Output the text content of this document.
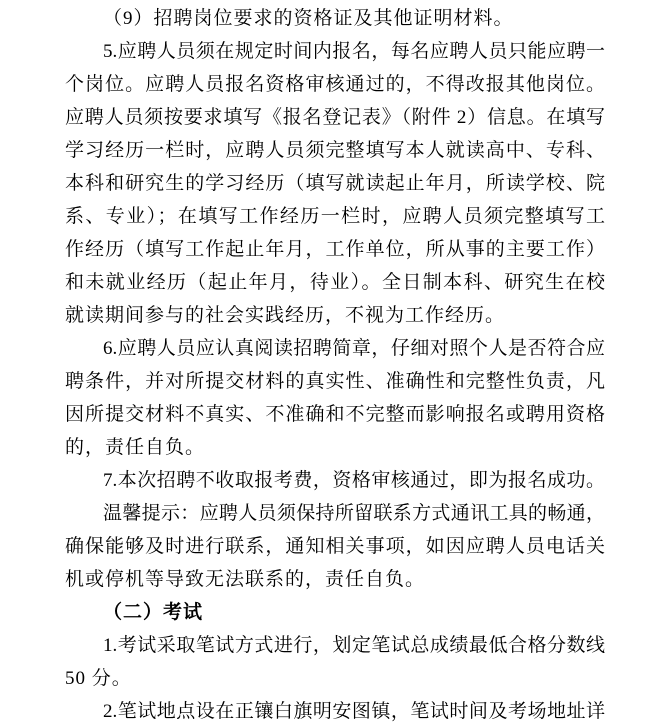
（9）招聘岗位要求的资格证及其他证明材料。
5.应聘人员须在规定时间内报名，每名应聘人员只能应聘一
个岗位。应聘人员报名资格审核通过的，不得改报其他岗位。
应聘人员须按要求填写《报名登记表》（附件 2）信息。在填写
学习经历一栏时，应聘人员须完整填写本人就读高中、专科、
本科和研究生的学习经历（填写就读起止年月，所读学校、院
系、专业）；在填写工作经历一栏时，应聘人员须完整填写工
作经历（填写工作起止年月，工作单位，所从事的主要工作）
和未就业经历（起止年月，待业）。全日制本科、研究生在校
就读期间参与的社会实践经历，不视为工作经历。
6.应聘人员应认真阅读招聘简章，仔细对照个人是否符合应
聘条件，并对所提交材料的真实性、准确性和完整性负责，凡
因所提交材料不真实、不准确和不完整而影响报名或聘用资格
的，责任自负。
7.本次招聘不收取报考费，资格审核通过，即为报名成功。
温馨提示：应聘人员须保持所留联系方式通讯工具的畅通，
确保能够及时进行联系，通知相关事项，如因应聘人员电话关
机或停机等导致无法联系的，责任自负。
（二）考试
1.考试采取笔试方式进行，划定笔试总成绩最低合格分数线
50 分。
2.笔试地点设在正镶白旗明安图镇，笔试时间及考场地址详
